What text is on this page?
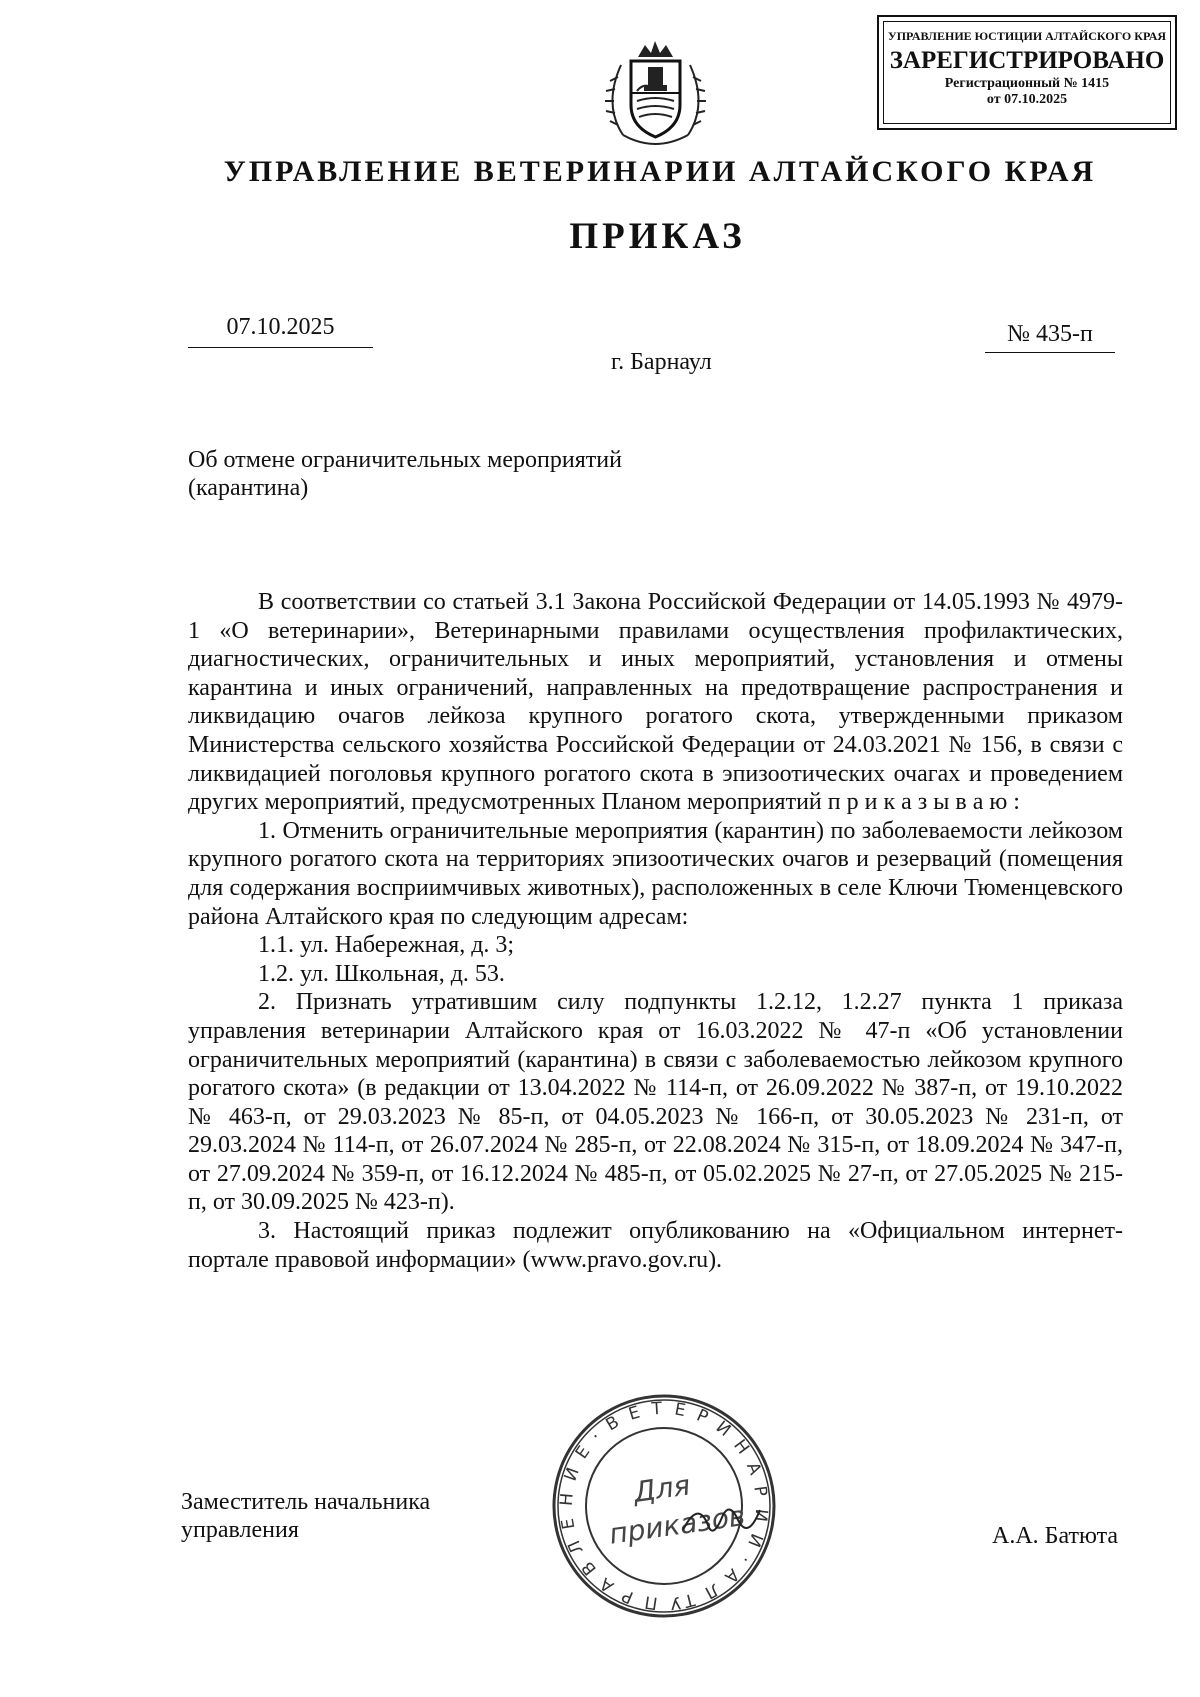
УПРАВЛЕНИЕ ЮСТИЦИИ АЛТАЙСКОГО КРАЯ
ЗАРЕГИСТРИРОВАНО
Регистрационный № 1415
от 07.10.2025
УПРАВЛЕНИЕ ВЕТЕРИНАРИИ АЛТАЙСКОГО КРАЯ
ПРИКАЗ
07.10.2025	№ 435-п
г. Барнаул
Об отмене ограничительных мероприятий
(карантина)

В соответствии со статьей 3.1 Закона Российской Федерации от 14.05.1993 № 4979-1 «О ветеринарии», Ветеринарными правилами осуществления профилактических, диагностических, ограничительных и иных мероприятий, установления и отмены карантина и иных ограничений, направленных на предотвращение распространения и ликвидацию очагов лейкоза крупного рогатого скота, утвержденными приказом Министерства сельского хозяйства Российской Федерации от 24.03.2021 № 156, в связи с ликвидацией поголовья крупного рогатого скота в эпизоотических очагах и проведением других мероприятий, предусмотренных Планом мероприятий п р и к а з ы в а ю :

1. Отменить ограничительные мероприятия (карантин) по заболеваемости лейкозом крупного рогатого скота на территориях эпизоотических очагов и резерваций (помещения для содержания восприимчивых животных), расположенных в селе Ключи Тюменцевского района Алтайского края по следующим адресам:

1.1. ул. Набережная, д. 3;
1.2. ул. Школьная, д. 53.

2. Признать утратившим силу подпункты 1.2.12, 1.2.27 пункта 1 приказа управления ветеринарии Алтайского края от 16.03.2022 № 47-п «Об установлении ограничительных мероприятий (карантина) в связи с заболеваемостью лейкозом крупного рогатого скота» (в редакции от 13.04.2022 № 114-п, от 26.09.2022 № 387-п, от 19.10.2022 № 463-п, от 29.03.2023 № 85-п, от 04.05.2023 № 166-п, от 30.05.2023 № 231-п, от 29.03.2024 № 114-п, от 26.07.2024 № 285-п, от 22.08.2024 № 315-п, от 18.09.2024 № 347-п, от 27.09.2024 № 359-п, от 16.12.2024 № 485-п, от 05.02.2025 № 27-п, от 27.05.2025 № 215-п, от 30.09.2025 № 423-п).

3. Настоящий приказ подлежит опубликованию на «Официальном интернет-портале правовой информации» (www.pravo.gov.ru).

Заместитель начальника
управления	А.А. Батюта
У П Р А В Л Е Н И Е · В Е Т Е Р И Н А Р И И · А Л Т
Для
приказов
